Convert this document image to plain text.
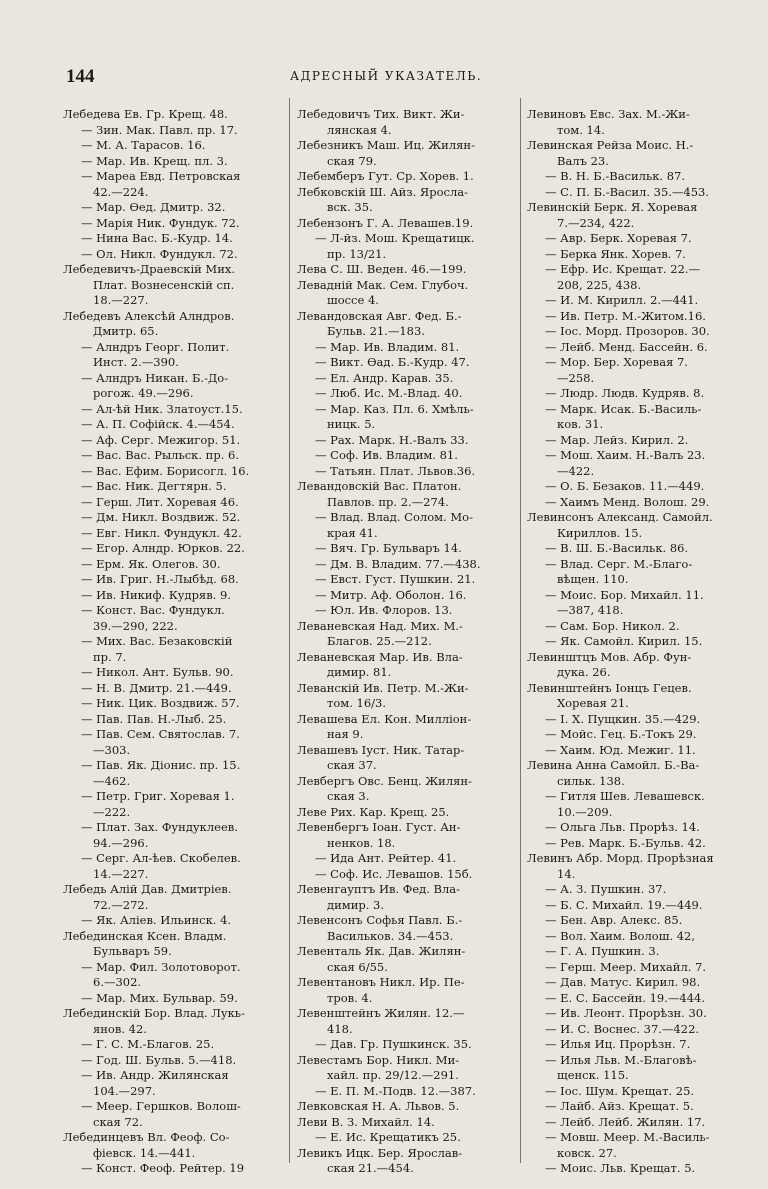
144	АДРЕСНЫЙ УКАЗАТЕЛЬ.
Лебедева Ев. Гр. Крещ. 48.
— Зин. Мак. Павл. пр. 17.
— М. А. Тарасов. 16.
— Мар. Ив. Крещ. пл. 3.
— Мареа Евд. Петровская
42.—224.
— Мар. Өед. Дмитр. 32.
— Марія Ник. Фундук. 72.
— Нина Вас. Б.-Кудр. 14.
— Ол. Никл. Фундукл. 72.
Лебедевичъ-Драевскій Мих.
Плат. Вознесенскій сп.
18.—227.
Лебедевъ Алексѣй Алндров.
Дмитр. 65.
— Алндръ Георг. Полит.
Инст. 2.—390.
— Алндръ Никан. Б.-До-
рогож. 49.—296.
— Ал-ѣй Ник. Златоуст.15.
— А. П. Софійск. 4.—454.
— Аф. Серг. Межигор. 51.
— Вас. Вас. Рыльск. пр. 6.
— Вас. Ефим. Борисогл. 16.
— Вас. Ник. Дегтярн. 5.
— Герш. Лит. Хоревая 46.
— Дм. Никл. Воздвиж. 52.
— Евг. Никл. Фундукл. 42.
— Егор. Алндр. Юрков. 22.
— Ерм. Як. Олегов. 30.
— Ив. Григ. Н.-Лыбѣд. 68.
— Ив. Никиф. Кудряв. 9.
— Конст. Вас. Фундукл.
39.—290, 222.
— Мих. Вас. Безаковскій
пр. 7.
— Никол. Ант. Бульв. 90.
— Н. В. Дмитр. 21.—449.
— Ник. Цик. Воздвиж. 57.
— Пав. Пав. Н.-Лыб. 25.
— Пав. Сем. Святослав. 7.
—303.
— Пав. Як. Діонис. пр. 15.
—462.
— Петр. Григ. Хоревая 1.
—222.
— Плат. Зах. Фундуклеев.
94.—296.
— Серг. Ал-ѣев. Скобелев.
14.—227.
Лебедь Алій Дав. Дмитріев.
72.—272.
— Як. Аліев. Ильинск. 4.
Лебединская Ксен. Владм.
Бульваръ 59.
— Мар. Фил. Золотоворот.
6.—302.
— Мар. Мих. Бульвар. 59.
Лебединскій Бор. Влад. Лукь-
янов. 42.
— Г. С. М.-Благов. 25.
— Год. Ш. Бульв. 5.—418.
— Ив. Андр. Жилянская
104.—297.
— Меер. Гершков. Волош-
ская 72.
Лебединцевъ Вл. Феоф. Со-
фіевск. 14.—441.
— Конст. Феоф. Рейтер. 19
Лебедовичъ Тих. Викт. Жи-
лянская 4.
Лебезникъ Маш. Иц. Жилян-
ская 79.
Лебемберъ Гут. Ср. Хорев. 1.
Лебковскій Ш. Айз. Яросла-
вск. 35.
Лебензонъ Г. А. Левашев.19.
— Л-йз. Мош. Крещатицк.
пр. 13/21.
Лева С. Ш. Веден. 46.—199.
Левадній Мак. Сем. Глубоч.
шоссе 4.
Левандовская Авг. Фед. Б.-
Бульв. 21.—183.
— Мар. Ив. Владим. 81.
— Викт. Өад. Б.-Кудр. 47.
— Ел. Андр. Карав. 35.
— Люб. Ис. М.-Влад. 40.
— Мар. Каз. Пл. 6. Хмѣль-
ницк. 5.
— Рах. Марк. Н.-Валъ 33.
— Соф. Ив. Владим. 81.
— Татьян. Плат. Львов.36.
Левандовскій Вас. Платон.
Павлов. пр. 2.—274.
— Влад. Влад. Солом. Мо-
края 41.
— Вяч. Гр. Бульваръ 14.
— Дм. В. Владим. 77.—438.
— Евст. Густ. Пушкин. 21.
— Митр. Аф. Оболон. 16.
— Юл. Ив. Флоров. 13.
Леваневская Над. Мих. М.-
Благов. 25.—212.
Леваневская Мар. Ив. Вла-
димир. 81.
Леванскій Ив. Петр. М.-Жи-
том. 16/3.
Левашева Ел. Кон. Милліон-
ная 9.
Левашевъ Іуст. Ник. Татар-
ская 37.
Левбергъ Овс. Бенц. Жилян-
ская 3.
Леве Рих. Кар. Крещ. 25.
Левенбергъ Іоан. Густ. Ан-
ненков. 18.
— Ида Ант. Рейтер. 41.
— Соф. Ис. Левашов. 15б.
Левенгауптъ Ив. Фед. Вла-
димир. 3.
Левенсонъ Софья Павл. Б.-
Васильков. 34.—453.
Левенталь Як. Дав. Жилян-
ская 6/55.
Левентановъ Никл. Ир. Пе-
тров. 4.
Левенштейнъ Жилян. 12.—
418.
— Дав. Гр. Пушкинск. 35.
Левестамъ Бор. Никл. Ми-
хайл. пр. 29/12.—291.
— Е. П. М.-Подв. 12.—387.
Левковская Н. А. Львов. 5.
Леви В. З. Михайл. 14.
— Е. Ис. Крещатикъ 25.
Левикъ Ицк. Бер. Ярослав-
ская 21.—454.
Левиновъ Евс. Зах. М.-Жи-
том. 14.
Левинская Рейза Моис. Н.-
Валъ 23.
— В. Н. Б.-Васильк. 87.
— С. П. Б.-Васил. 35.—453.
Левинскій Берк. Я. Хоревая
7.—234, 422.
— Авр. Берк. Хоревая 7.
— Берка Янк. Хорев. 7.
— Ефр. Ис. Крещат. 22.—
208, 225, 438.
— И. М. Кирилл. 2.—441.
— Ив. Петр. М.-Житом.16.
— Іос. Морд. Прозоров. 30.
— Лейб. Менд. Бассейн. 6.
— Мор. Бер. Хоревая 7.
—258.
— Людр. Людв. Кудряв. 8.
— Марк. Исак. Б.-Василь-
ков. 31.
— Мар. Лейз. Кирил. 2.
— Мош. Хаим. Н.-Валъ 23.
—422.
— О. Б. Безаков. 11.—449.
— Хаимъ Менд. Волош. 29.
Левинсонъ Александ. Самойл.
Кириллов. 15.
— В. Ш. Б.-Васильк. 86.
— Влад. Серг. М.-Благо-
вѣщен. 110.
— Моис. Бор. Михайл. 11.
—387, 418.
— Сам. Бор. Никол. 2.
— Як. Самойл. Кирил. 15.
Левинштцъ Мов. Абр. Фун-
дука. 26.
Левинштейнъ Іонцъ Гецев.
Хоревая 21.
— І. Х. Пущкин. 35.—429.
— Мойс. Гец. Б.-Токъ 29.
— Хаим. Юд. Межиг. 11.
Левина Анна Самойл. Б.-Ва-
сильк. 138.
— Гитля Шев. Левашевск.
10.—209.
— Ольга Льв. Прорѣз. 14.
— Рев. Марк. Б.-Бульв. 42.
Левинъ Абр. Морд. Прорѣзная
14.
— А. З. Пушкин. 37.
— Б. С. Михайл. 19.—449.
— Бен. Авр. Алекс. 85.
— Вол. Хаим. Волош. 42,
— Г. А. Пушкин. 3.
— Герш. Меер. Михайл. 7.
— Дав. Матус. Кирил. 98.
— Е. С. Бассейн. 19.—444.
— Ив. Леонт. Прорѣзн. 30.
— И. С. Воснес. 37.—422.
— Илья Иц. Прорѣзн. 7.
— Илья Льв. М.-Благовѣ-
щенск. 115.
— Іос. Шум. Крещат. 25.
— Лайб. Айз. Крещат. 5.
— Лейб. Лейб. Жилян. 17.
— Мовш. Меер. М.-Василь-
ковск. 27.
— Моис. Льв. Крещат. 5.
